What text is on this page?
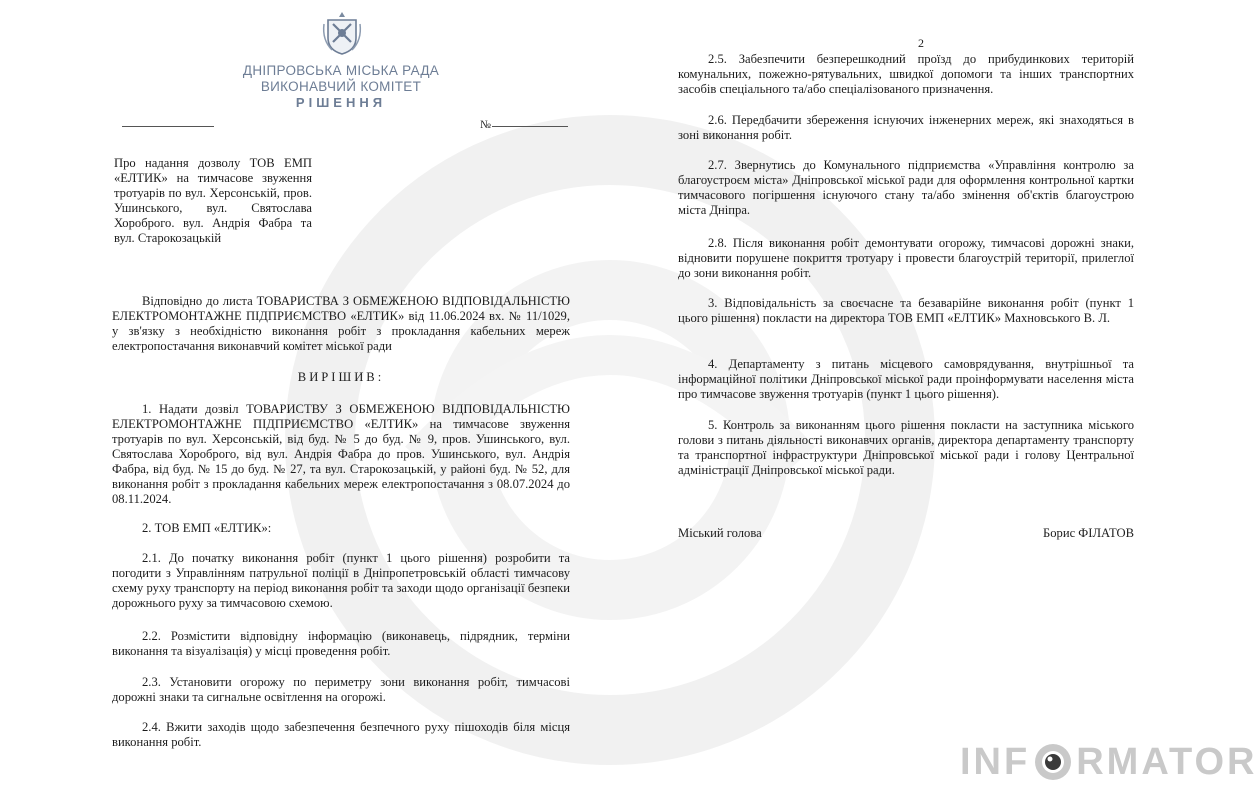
ДНІПРОВСЬКА МІСЬКА РАДА
ВИКОНАВЧИЙ КОМІТЕТ
РІШЕННЯ
№
Про надання дозволу ТОВ ЕМП «ЕЛТИК» на тимчасове звуження тротуарів по вул. Херсонській, пров. Ушинського, вул. Святослава Хороброго. вул. Андрія Фабра та вул. Старокозацькій

Відповідно до листа ТОВАРИСТВА З ОБМЕЖЕНОЮ ВІДПОВІДАЛЬНІСТЮ ЕЛЕКТРОМОНТАЖНЕ ПІДПРИЄМСТВО «ЕЛТИК» від 11.06.2024 вх. № 11/1029, у зв'язку з необхідністю виконання робіт з прокладання кабельних мереж електропостачання виконавчий комітет міської ради

ВИРІШИВ:

1. Надати дозвіл ТОВАРИСТВУ З ОБМЕЖЕНОЮ ВІДПОВІДАЛЬНІСТЮ ЕЛЕКТРОМОНТАЖНЕ ПІДПРИЄМСТВО «ЕЛТИК» на тимчасове звуження тротуарів по вул. Херсонській, від буд. № 5 до буд. № 9, пров. Ушинського, вул. Святослава Хороброго, від вул. Андрія Фабра до пров. Ушинського, вул. Андрія Фабра, від буд. № 15 до буд. № 27, та вул. Старокозацькій, у районі буд. № 52, для виконання робіт з прокладання кабельних мереж електропостачання з 08.07.2024 до 08.11.2024.

2. ТОВ ЕМП «ЕЛТИК»:

2.1. До початку виконання робіт (пункт 1 цього рішення) розробити та погодити з Управлінням патрульної поліції в Дніпропетровській області тимчасову схему руху транспорту на період виконання робіт та заходи щодо організації безпеки дорожнього руху за тимчасовою схемою.

2.2. Розмістити відповідну інформацію (виконавець, підрядник, терміни виконання та візуалізація) у місці проведення робіт.

2.3. Установити огорожу по периметру зони виконання робіт, тимчасові дорожні знаки та сигнальне освітлення на огорожі.

2.4. Вжити заходів щодо забезпечення безпечного руху пішоходів біля місця виконання робіт.

2

2.5. Забезпечити безперешкодний проїзд до прибудинкових територій комунальних, пожежно-рятувальних, швидкої допомоги та інших транспортних засобів спеціального та/або спеціалізованого призначення.

2.6. Передбачити збереження існуючих інженерних мереж, які знаходяться в зоні виконання робіт.

2.7. Звернутись до Комунального підприємства «Управління контролю за благоустроєм міста» Дніпровської міської ради для оформлення контрольної картки тимчасового погіршення існуючого стану та/або змінення об'єктів благоустрою міста Дніпра.

2.8. Після виконання робіт демонтувати огорожу, тимчасові дорожні знаки, відновити порушене покриття тротуару і провести благоустрій території, прилеглої до зони виконання робіт.

3. Відповідальність за своєчасне та безаварійне виконання робіт (пункт 1 цього рішення) покласти на директора ТОВ ЕМП «ЕЛТИК» Махновського В. Л.

4. Департаменту з питань місцевого самоврядування, внутрішньої та інформаційної політики Дніпровської міської ради проінформувати населення міста про тимчасове звуження тротуарів (пункт 1 цього рішення).

5. Контроль за виконанням цього рішення покласти на заступника міського голови з питань діяльності виконавчих органів, директора департаменту транспорту та транспортної інфраструктури Дніпровської міської ради і голову Центральної адміністрації Дніпровської міської ради.

Міський голова	Борис ФІЛАТОВ
INF RMATOR
